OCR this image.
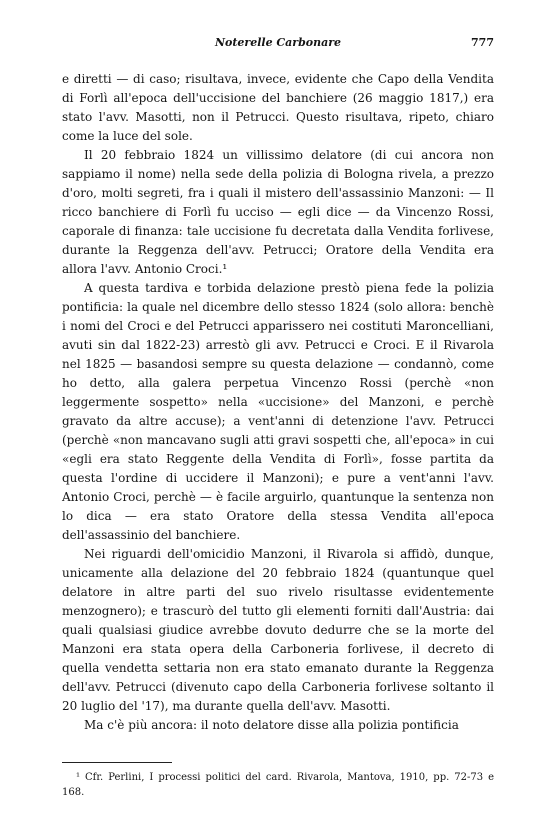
Noterelle Carbonare	777

e diretti — di caso; risultava, invece, evidente che Capo della Vendita di Forlì all'epoca dell'uccisione del banchiere (26 maggio 1817,) era stato l'avv. Masotti, non il Petrucci. Questo risultava, ripeto, chiaro come la luce del sole.

Il 20 febbraio 1824 un villissimo delatore (di cui ancora non sappiamo il nome) nella sede della polizia di Bologna rivela, a prezzo d'oro, molti segreti, fra i quali il mistero dell'assassinio Manzoni: — Il ricco banchiere di Forlì fu ucciso — egli dice — da Vincenzo Rossi, caporale di finanza: tale uccisione fu decretata dalla Vendita forlivese, durante la Reggenza dell'avv. Petrucci; Oratore della Vendita era allora l'avv. Antonio Croci.¹

A questa tardiva e torbida delazione prestò piena fede la polizia pontificia: la quale nel dicembre dello stesso 1824 (solo allora: benchè i nomi del Croci e del Petrucci apparissero nei costituti Maroncelliani, avuti sin dal 1822-23) arrestò gli avv. Petrucci e Croci. E il Rivarola nel 1825 — basandosi sempre su questa delazione — condannò, come ho detto, alla galera perpetua Vincenzo Rossi (perchè «non leggermente sospetto» nella «uccisione» del Manzoni, e perchè gravato da altre accuse); a vent'anni di detenzione l'avv. Petrucci (perchè «non mancavano sugli atti gravi sospetti che, all'epoca» in cui «egli era stato Reggente della Vendita di Forlì», fosse partita da questa l'ordine di uccidere il Manzoni); e pure a vent'anni l'avv. Antonio Croci, perchè — è facile arguirlo, quantunque la sentenza non lo dica — era stato Oratore della stessa Vendita all'epoca dell'assassinio del banchiere.

Nei riguardi dell'omicidio Manzoni, il Rivarola si affidò, dunque, unicamente alla delazione del 20 febbraio 1824 (quantunque quel delatore in altre parti del suo rivelo risultasse evidentemente menzognero); e trascurò del tutto gli elementi forniti dall'Austria: dai quali qualsiasi giudice avrebbe dovuto dedurre che se la morte del Manzoni era stata opera della Carboneria forlivese, il decreto di quella vendetta settaria non era stato emanato durante la Reggenza dell'avv. Petrucci (divenuto capo della Carboneria forlivese soltanto il 20 luglio del '17), ma durante quella dell'avv. Masotti.

Ma c'è più ancora: il noto delatore disse alla polizia pontificia

¹ Cfr. Perlini, I processi politici del card. Rivarola, Mantova, 1910, pp. 72-73 e 168.
